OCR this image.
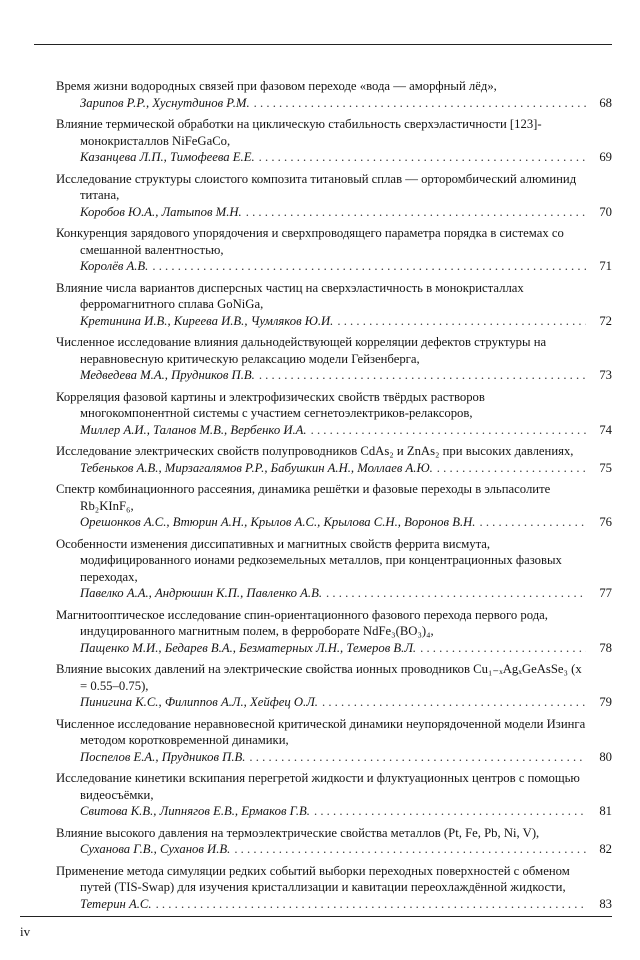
Время жизни водородных связей при фазовом переходе «вода — аморфный лёд»,
Зарипов Р.Р., Хуснутдинов Р.М. . . .	68
Влияние термической обработки на циклическую стабильность сверхэластичности [123]-монокристаллов NiFeGaCo,
Казанцева Л.П., Тимофеева Е.Е. . . .	69
Исследование структуры слоистого композита титановый сплав — орторомбический алюминид титана,
Коробов Ю.А., Латыпов М.Н. . . .	70
Конкуренция зарядового упорядочения и сверхпроводящего параметра порядка в системах со смешанной валентностью,
Королёв А.В. . . .	71
Влияние числа вариантов дисперсных частиц на сверхэластичность в монокристаллах ферромагнитного сплава GoNiGa,
Кретинина И.В., Киреева И.В., Чумляков Ю.И. . . .	72
Численное исследование влияния дальнодействующей корреляции дефектов структуры на неравновесную критическую релаксацию модели Гейзенберга,
Медведева М.А., Прудников П.В. . . .	73
Корреляция фазовой картины и электрофизических свойств твёрдых растворов многокомпонентной системы с участием сегнетоэлектриков-релаксоров,
Миллер А.И., Таланов М.В., Вербенко И.А. . . .	74
Исследование электрических свойств полупроводников CdAs₂ и ZnAs₂ при высоких давлениях,
Тебеньков А.В., Мирзагалямов Р.Р., Бабушкин А.Н., Моллаев А.Ю. . . .	75
Спектр комбинационного рассеяния, динамика решётки и фазовые переходы в эльпасолите Rb₂KInF₆,
Орешонков А.С., Втюрин А.Н., Крылов А.С., Крылова С.Н., Воронов В.Н. . . .	76
Особенности изменения диссипативных и магнитных свойств феррита висмута, модифицированного ионами редкоземельных металлов, при концентрационных фазовых переходах,
Павелко А.А., Андрюшин К.П., Павленко А.В. . . .	77
Магнитооптическое исследование спин-ориентационного фазового перехода первого рода, индуцированного магнитным полем, в ферроборате NdFe₃(BO₃)₄,
Пащенко М.И., Бедарев В.А., Безматерных Л.Н., Темеров В.Л. . . .	78
Влияние высоких давлений на электрические свойства ионных проводников Cu₁₋ₓAgₓGeAsSe₃ (x = 0.55–0.75),
Пинигина К.С., Филиппов А.Л., Хейфец О.Л. . . .	79
Численное исследование неравновесной критической динамики неупорядоченной модели Изинга методом коротковременной динамики,
Поспелов Е.А., Прудников П.В. . . .	80
Исследование кинетики вскипания перегретой жидкости и флуктуационных центров с помощью видеосъёмки,
Свитова К.В., Липнягов Е.В., Ермаков Г.В. . . .	81
Влияние высокого давления на термоэлектрические свойства металлов (Pt, Fe, Pb, Ni, V),
Суханова Г.В., Суханов И.В. . . .	82
Применение метода симуляции редких событий выборки переходных поверхностей с обменом путей (TIS-Swap) для изучения кристаллизации и кавитации переохлаждённой жидкости,
Тетерин А.С. . . .	83
iv
